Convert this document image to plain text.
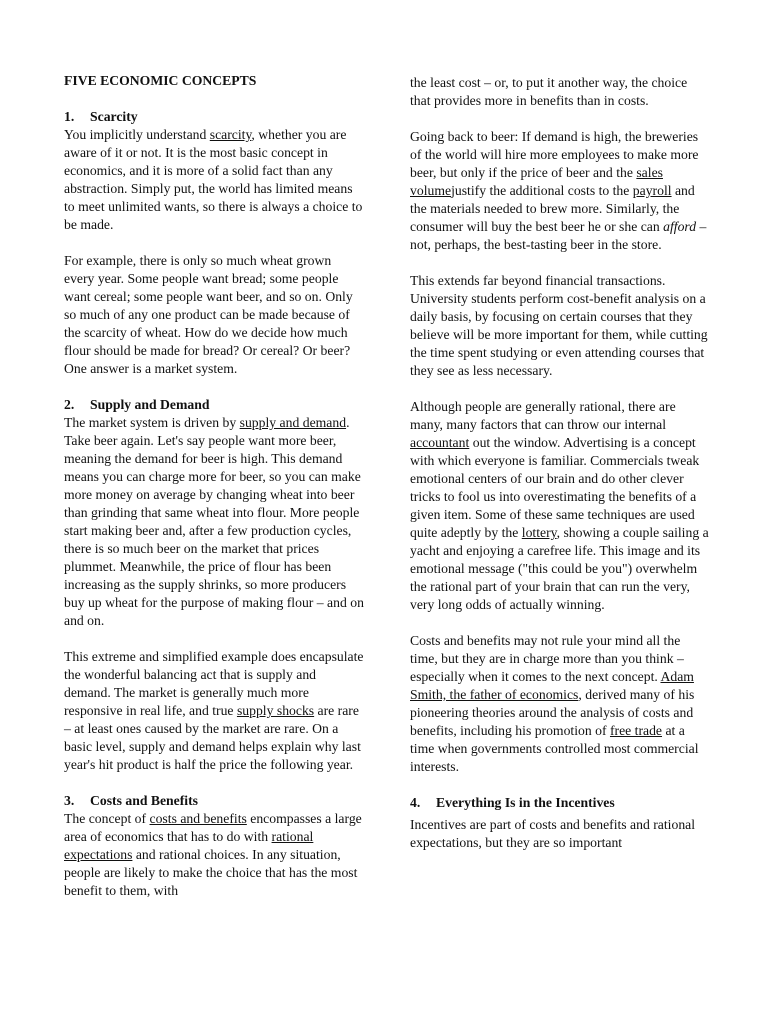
FIVE ECONOMIC CONCEPTS
1. Scarcity

You implicitly understand scarcity, whether you are aware of it or not. It is the most basic concept in economics, and it is more of a solid fact than any abstraction. Simply put, the world has limited means to meet unlimited wants, so there is always a choice to be made.

For example, there is only so much wheat grown every year. Some people want bread; some people want cereal; some people want beer, and so on. Only so much of any one product can be made because of the scarcity of wheat. How do we decide how much flour should be made for bread? Or cereal? Or beer? One answer is a market system.

2. Supply and Demand

The market system is driven by supply and demand. Take beer again. Let's say people want more beer, meaning the demand for beer is high. This demand means you can charge more for beer, so you can make more money on average by changing wheat into beer than grinding that same wheat into flour. More people start making beer and, after a few production cycles, there is so much beer on the market that prices plummet. Meanwhile, the price of flour has been increasing as the supply shrinks, so more producers buy up wheat for the purpose of making flour – and on and on.

This extreme and simplified example does encapsulate the wonderful balancing act that is supply and demand. The market is generally much more responsive in real life, and true supply shocks are rare – at least ones caused by the market are rare. On a basic level, supply and demand helps explain why last year's hit product is half the price the following year.

3. Costs and Benefits

The concept of costs and benefits encompasses a large area of economics that has to do with rational expectations and rational choices. In any situation, people are likely to make the choice that has the most benefit to them, with

the least cost – or, to put it another way, the choice that provides more in benefits than in costs.

Going back to beer: If demand is high, the breweries of the world will hire more employees to make more beer, but only if the price of beer and the sales volumejustify the additional costs to the payroll and the materials needed to brew more. Similarly, the consumer will buy the best beer he or she can afford – not, perhaps, the best-tasting beer in the store.

This extends far beyond financial transactions. University students perform cost-benefit analysis on a daily basis, by focusing on certain courses that they believe will be more important for them, while cutting the time spent studying or even attending courses that they see as less necessary.

Although people are generally rational, there are many, many factors that can throw our internal accountant out the window. Advertising is a concept with which everyone is familiar. Commercials tweak emotional centers of our brain and do other clever tricks to fool us into overestimating the benefits of a given item. Some of these same techniques are used quite adeptly by the lottery, showing a couple sailing a yacht and enjoying a carefree life. This image and its emotional message ("this could be you") overwhelm the rational part of your brain that can run the very, very long odds of actually winning.

Costs and benefits may not rule your mind all the time, but they are in charge more than you think – especially when it comes to the next concept. Adam Smith, the father of economics, derived many of his pioneering theories around the analysis of costs and benefits, including his promotion of free trade at a time when governments controlled most commercial interests.

4. Everything Is in the Incentives

Incentives are part of costs and benefits and rational expectations, but they are so important
